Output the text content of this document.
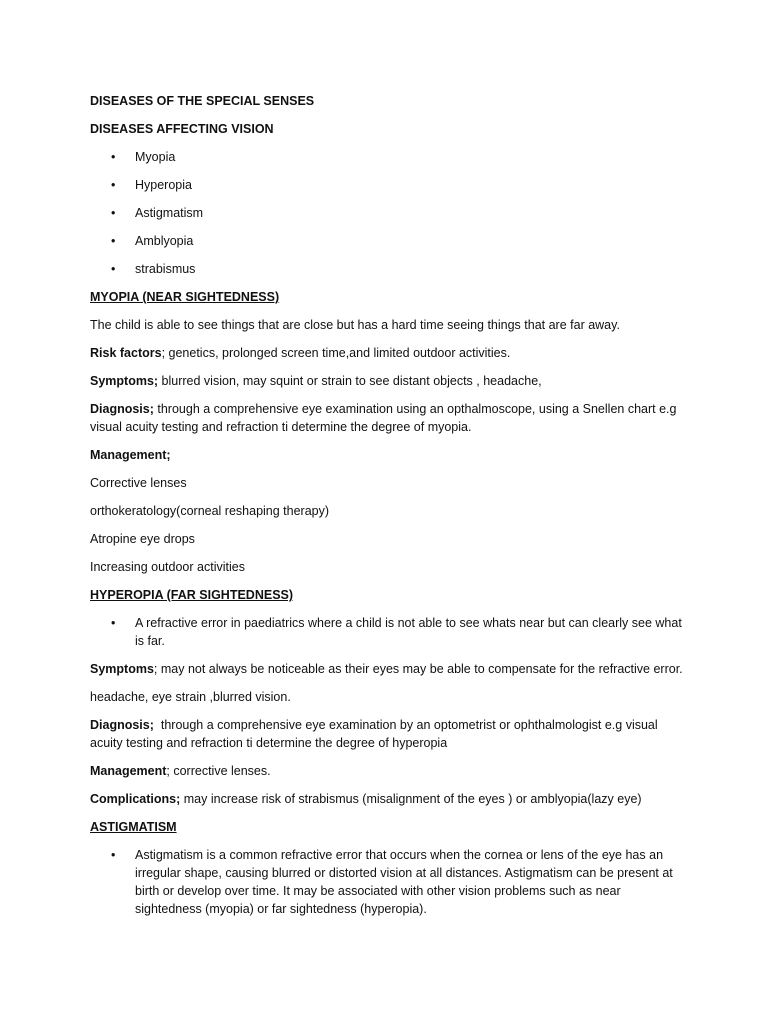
DISEASES OF THE SPECIAL SENSES
DISEASES AFFECTING VISION
• Myopia
• Hyperopia
• Astigmatism
• Amblyopia
• strabismus
MYOPIA (NEAR SIGHTEDNESS)
The child is able to see things that are close but has a hard time seeing things that are far away.
Risk factors; genetics, prolonged screen time,and limited outdoor activities.
Symptoms; blurred vision, may squint or strain to see distant objects , headache,
Diagnosis; through a comprehensive eye examination using an opthalmoscope, using a Snellen chart e.g visual acuity testing and refraction ti determine the degree of myopia.
Management;
Corrective lenses
orthokeratology(corneal reshaping therapy)
Atropine eye drops
Increasing outdoor activities
HYPEROPIA (FAR SIGHTEDNESS)
• A refractive error in paediatrics where a child is not able to see whats near but can clearly see what is far.
Symptoms; may not always be noticeable as their eyes may be able to compensate for the refractive error.
headache, eye strain ,blurred vision.
Diagnosis;  through a comprehensive eye examination by an optometrist or ophthalmologist e.g visual acuity testing and refraction ti determine the degree of hyperopia
Management; corrective lenses.
Complications; may increase risk of strabismus (misalignment of the eyes ) or amblyopia(lazy eye)
ASTIGMATISM
• Astigmatism is a common refractive error that occurs when the cornea or lens of the eye has an irregular shape, causing blurred or distorted vision at all distances. Astigmatism can be present at birth or develop over time. It may be associated with other vision problems such as near sightedness (myopia) or far sightedness (hyperopia).
